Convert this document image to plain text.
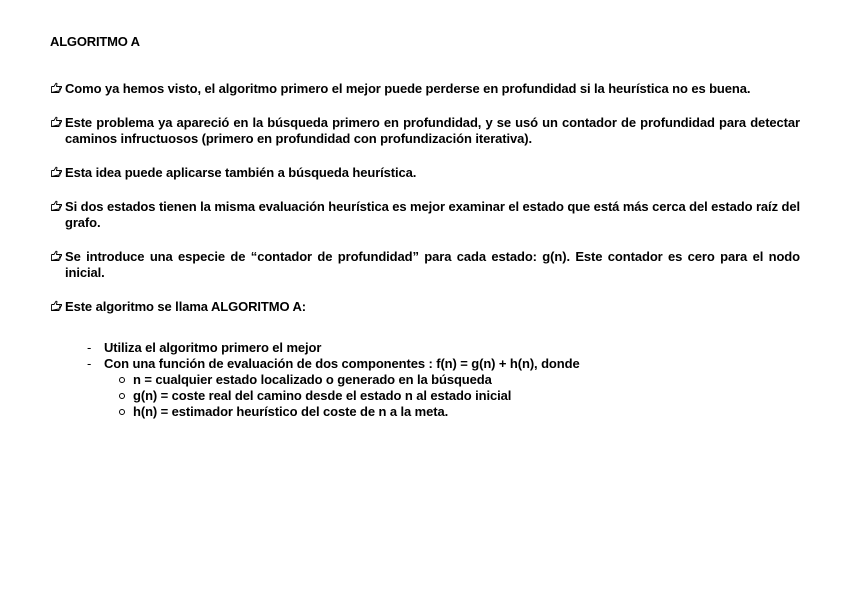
ALGORITMO A
Como ya hemos visto, el algoritmo primero el mejor puede perderse en profundidad si la heurística no es buena.
Este problema ya apareció en la búsqueda primero en profundidad, y se usó un contador de profundidad para detectar caminos infructuosos (primero en profundidad con profundización iterativa).
Esta idea puede aplicarse también a búsqueda heurística.
Si dos estados tienen la misma evaluación heurística es mejor examinar el estado que está más cerca del estado raíz del grafo.
Se introduce una especie de “contador de profundidad” para cada estado: g(n). Este contador es cero para el nodo inicial.
Este algoritmo se llama ALGORITMO A:
- Utiliza el algoritmo primero el mejor
- Con una función de evaluación de dos componentes : f(n) = g(n) + h(n), donde
n = cualquier estado localizado o generado en la búsqueda
g(n) = coste real del camino desde el estado n al estado inicial
h(n) = estimador heurístico del coste de n a la meta.
